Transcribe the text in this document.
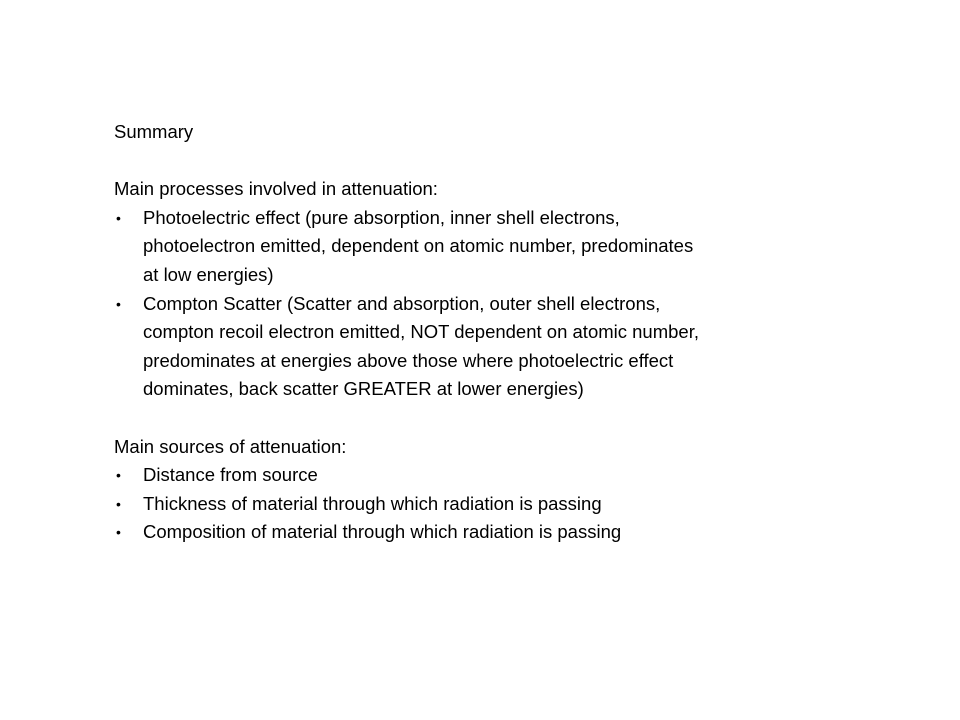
Summary

Main processes involved in attenuation:

• Photoelectric effect (pure absorption, inner shell electrons,
photoelectron emitted, dependent on atomic number, predominates
at low energies)
• Compton Scatter (Scatter and absorption, outer shell electrons,
compton recoil electron emitted, NOT dependent on atomic number,
predominates at energies above those where photoelectric effect
dominates, back scatter GREATER at lower energies)

Main sources of attenuation:

• Distance from source
• Thickness of material through which radiation is passing
• Composition of material through which radiation is passing
